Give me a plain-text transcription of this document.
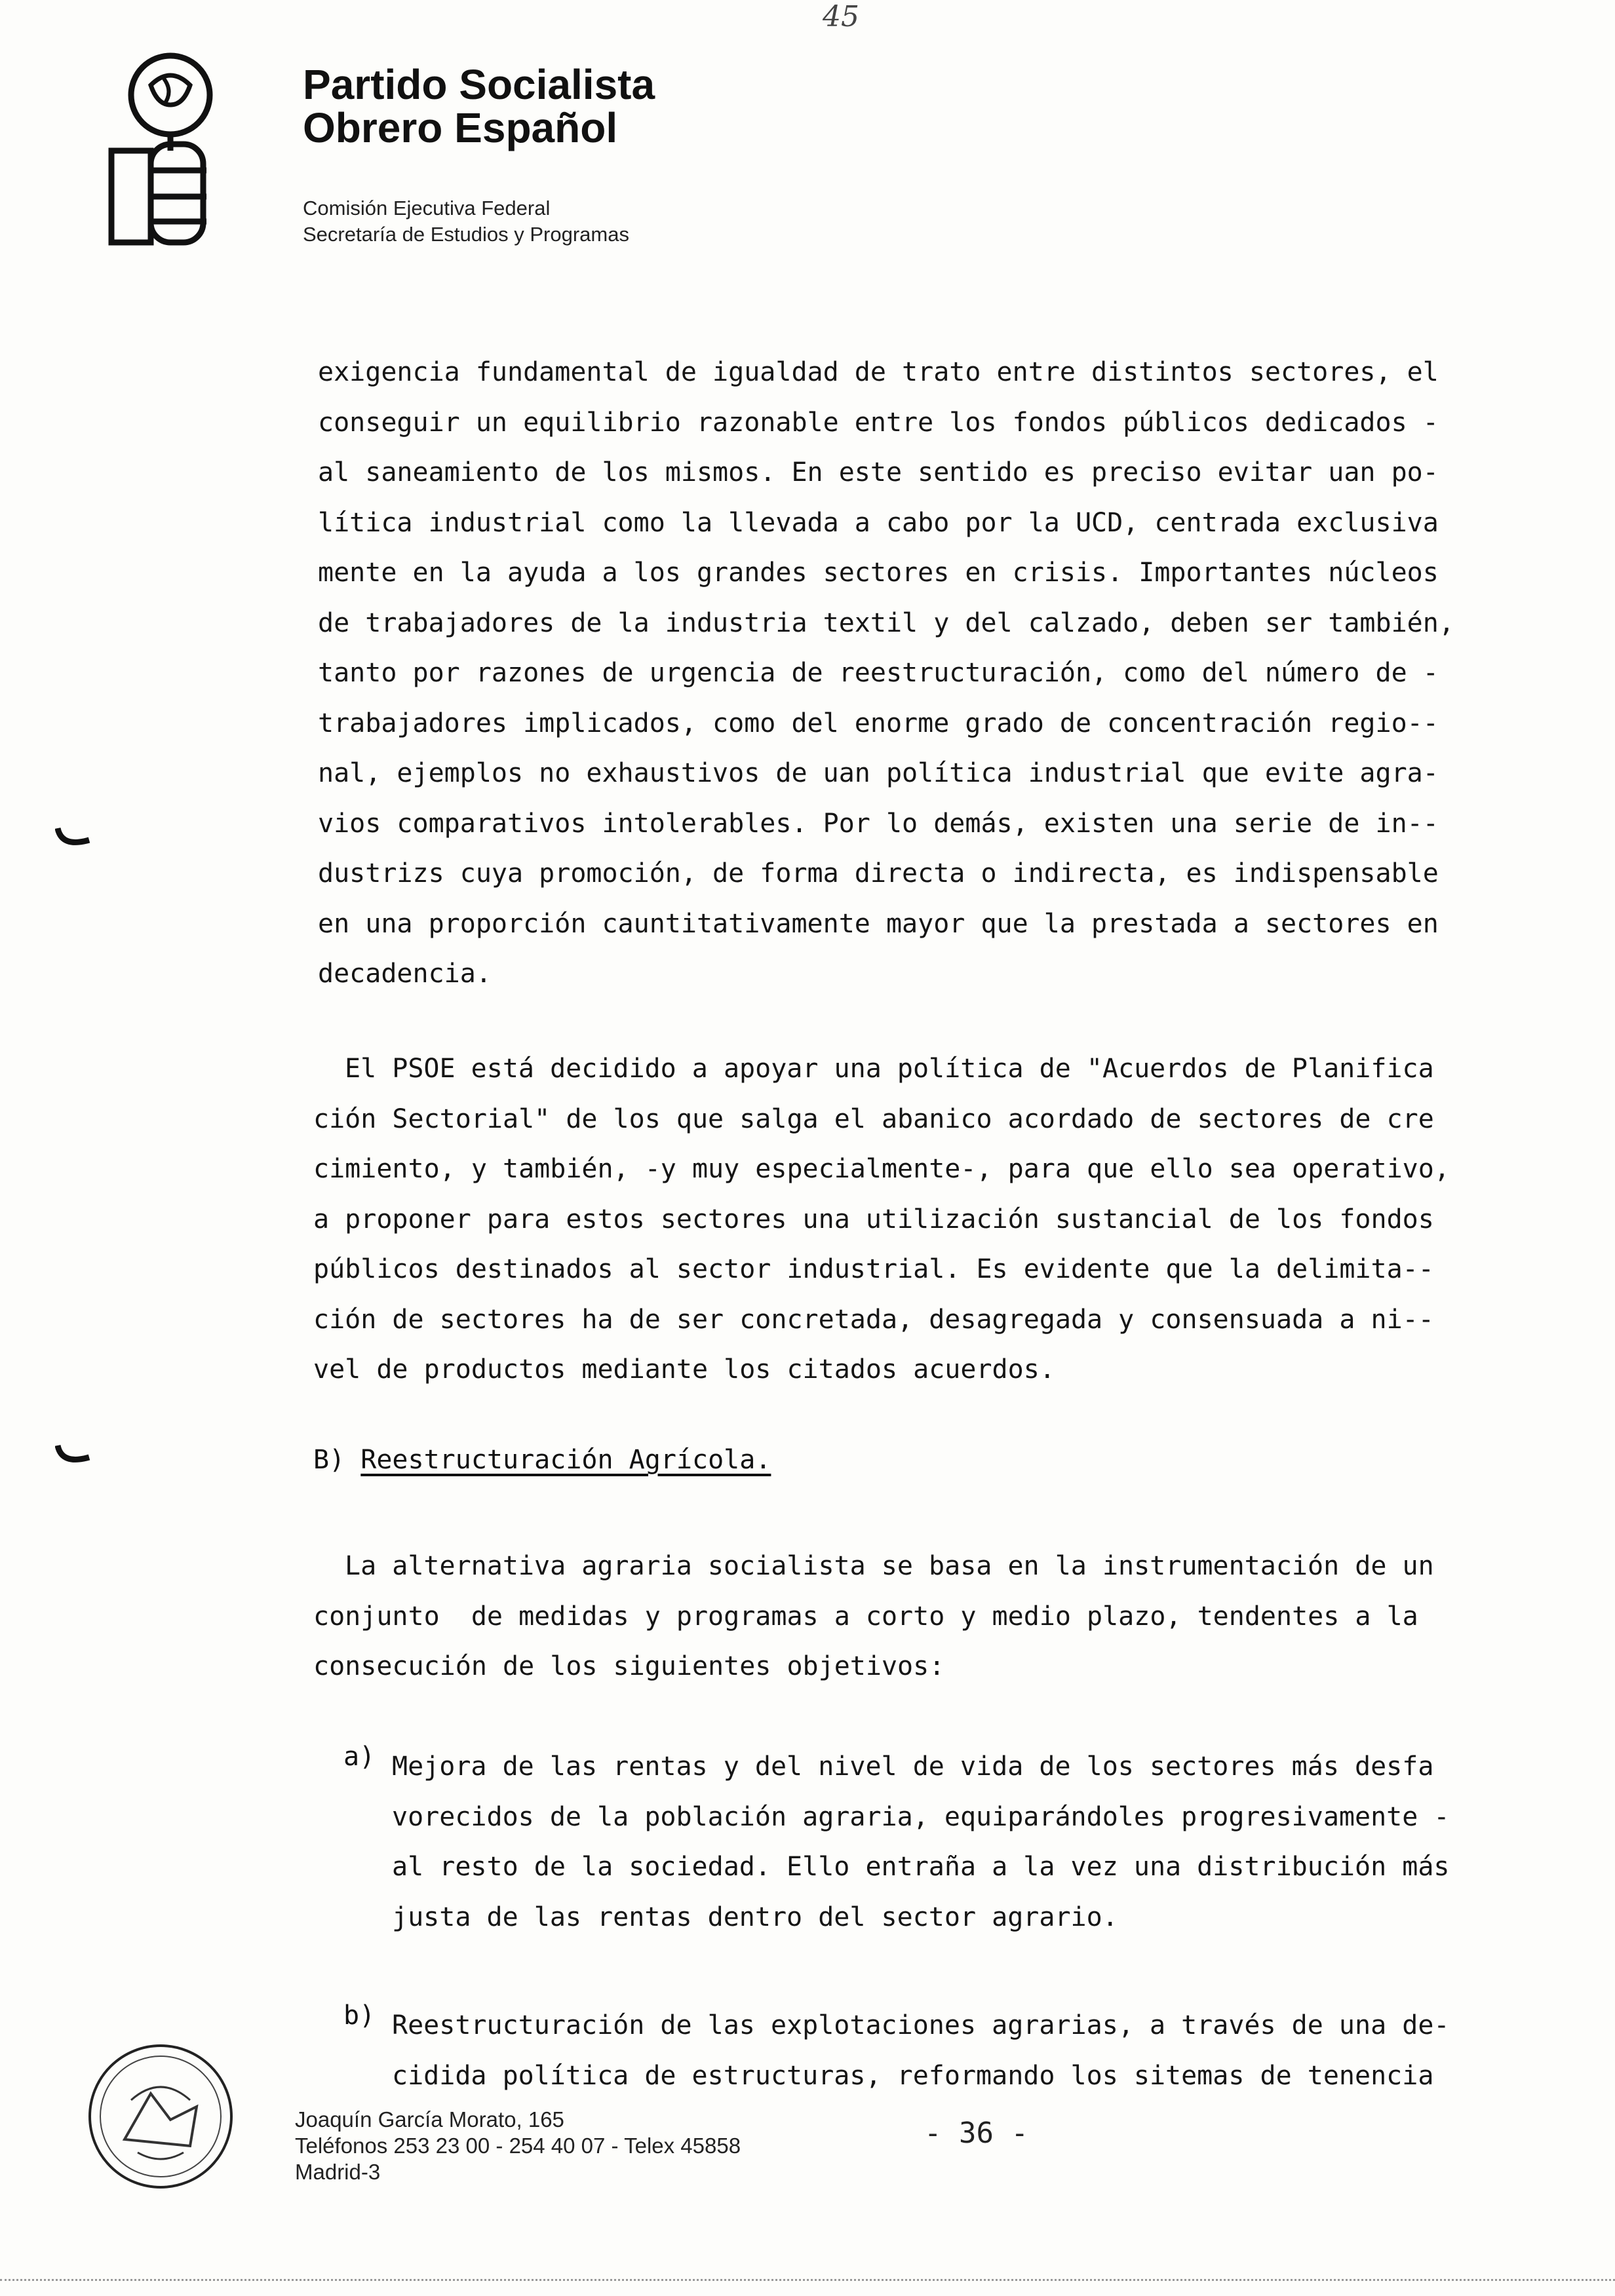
45
Partido Socialista
Obrero Español
Comisión Ejecutiva Federal
Secretaría de Estudios y Programas
exigencia fundamental de igualdad de trato entre distintos sectores, el
conseguir un equilibrio razonable entre los fondos públicos dedicados -
al saneamiento de los mismos. En este sentido es preciso evitar uan po-
lítica industrial como la llevada a cabo por la UCD, centrada exclusiva
mente en la ayuda a los grandes sectores en crisis. Importantes núcleos
de trabajadores de la industria textil y del calzado, deben ser también,
tanto por razones de urgencia de reestructuración, como del número de -
trabajadores implicados, como del enorme grado de concentración regio--
nal, ejemplos no exhaustivos de uan política industrial que evite agra-
vios comparativos intolerables. Por lo demás, existen una serie de in--
dustrizs cuya promoción, de forma directa o indirecta, es indispensable
en una proporción cauntitativamente mayor que la prestada a sectores en
decadencia.
El PSOE está decidido a apoyar una política de "Acuerdos de Planifica
ción Sectorial" de los que salga el abanico acordado de sectores de cre
cimiento, y también, -y muy especialmente-, para que ello sea operativo,
a proponer para estos sectores una utilización sustancial de los fondos
públicos destinados al sector industrial. Es evidente que la delimita--
ción de sectores ha de ser concretada, desagregada y consensuada a ni--
vel de productos mediante los citados acuerdos.
B) Reestructuración Agrícola.
La alternativa agraria socialista se basa en la instrumentación de un
conjunto  de medidas y programas a corto y medio plazo, tendentes a la
consecución de los siguientes objetivos:
a) Mejora de las rentas y del nivel de vida de los sectores más desfa
vorecidos de la población agraria, equiparándoles progresivamente -
al resto de la sociedad. Ello entraña a la vez una distribución más
justa de las rentas dentro del sector agrario.
b) Reestructuración de las explotaciones agrarias, a través de una de-
cidida política de estructuras, reformando los sitemas de tenencia
Joaquín García Morato, 165
Teléfonos 253 23 00 - 254 40 07 - Telex 45858
Madrid-3
- 36 -
